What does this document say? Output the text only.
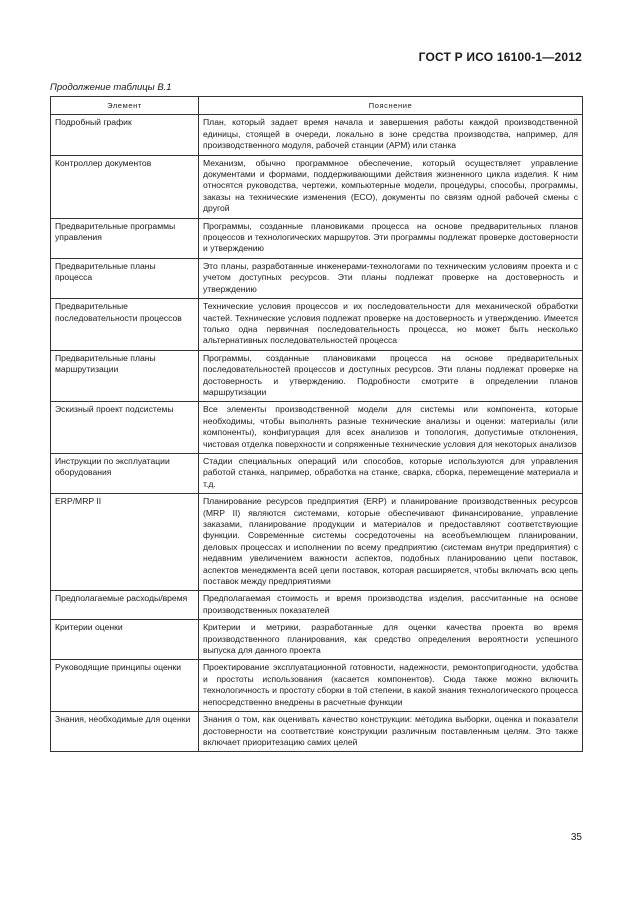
ГОСТ Р ИСО 16100-1—2012
Продолжение таблицы В.1
Элемент	Пояснение
Подробный график	План, который задает время начала и завершения работы каждой производственной единицы, стоящей в очереди, локально в зоне средства производства, например, для производственного модуля, рабочей станции (АРМ) или станка
Контроллер документов	Механизм, обычно программное обеспечение, который осуществляет управление документами и формами, поддерживающими действия жизненного цикла изделия. К ним относятся руководства, чертежи, компьютерные модели, процедуры, способы, программы, заказы на технические изменения (ECO), документы по связям одной рабочей смены с другой
Предварительные программы управления	Программы, созданные плановиками процесса на основе предварительных планов процессов и технологических маршрутов. Эти программы подлежат проверке достоверности и утверждению
Предварительные планы процесса	Это планы, разработанные инженерами-технологами по техническим условиям проекта и с учетом доступных ресурсов. Эти планы подлежат проверке на достоверность и утверждению
Предварительные последовательности процессов	Технические условия процессов и их последовательности для механической обработки частей. Технические условия подлежат проверке на достоверность и утверждению. Имеется только одна первичная последовательность процесса, но может быть несколько альтернативных последовательностей процесса
Предварительные планы маршрутизации	Программы, созданные плановиками процесса на основе предварительных последовательностей процессов и доступных ресурсов. Эти планы подлежат проверке на достоверность и утверждению. Подробности смотрите в определении планов маршрутизации
Эскизный проект подсистемы	Все элементы производственной модели для системы или компонента, которые необходимы, чтобы выполнять разные технические анализы и оценки: материалы (или компоненты), конфигурация для всех анализов и топология, допустимые отклонения, чистовая отделка поверхности и сопряженные технические условия для некоторых анализов
Инструкции по эксплуатации оборудования	Стадии специальных операций или способов, которые используются для управления работой станка, например, обработка на станке, сварка, сборка, перемещение материала и т.д.
ERP/MRP II	Планирование ресурсов предприятия (ERP) и планирование производственных ресурсов (MRP II) являются системами, которые обеспечивают финансирование, управление заказами, планирование продукции и материалов и предоставляют соответствующие функции. Современные системы сосредоточены на всеобъемлющем планировании, деловых процессах и исполнении по всему предприятию (системам внутри предприятия) с недавним увеличением важности аспектов, подобных планированию цепи поставок, аспектов менеджмента всей цепи поставок, которая расширяется, чтобы включать всю цепь поставок между предприятиями
Предполагаемые расходы/время	Предполагаемая стоимость и время производства изделия, рассчитанные на основе производственных показателей
Критерии оценки	Критерии и метрики, разработанные для оценки качества проекта во время производственного планирования, как средство определения вероятности успешного выпуска для данного проекта
Руководящие принципы оценки	Проектирование эксплуатационной готовности, надежности, ремонтопригодности, удобства и простоты использования (касается компонентов). Сюда также можно включить технологичность и простоту сборки в той степени, в какой знания технологического процесса непосредственно внедрены в расчетные функции
Знания, необходимые для оценки	Знания о том, как оценивать качество конструкции: методика выборки, оценка и показатели достоверности на соответствие конструкции различным поставленным целям. Это также включает приоритезацию самих целей
35
